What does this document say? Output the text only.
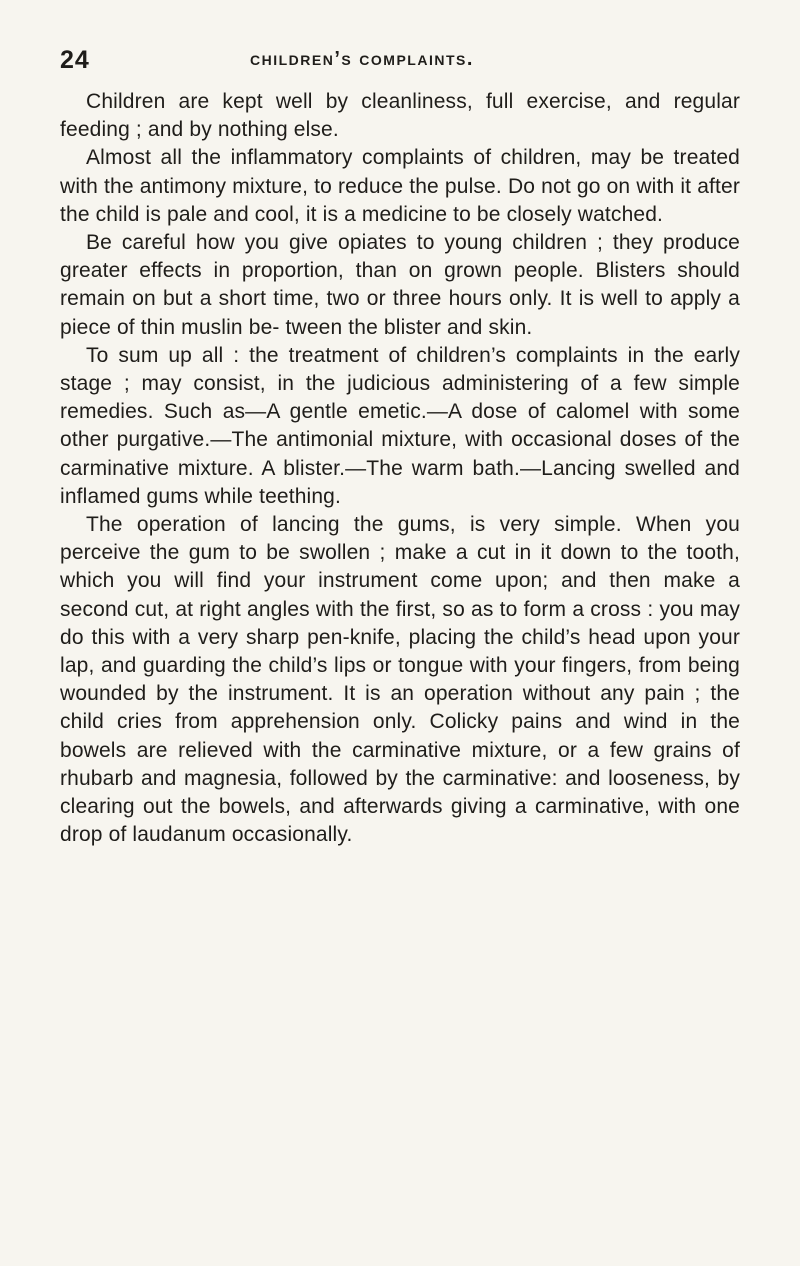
24	children’s complaints.

Children are kept well by cleanliness, full exercise, and regular feeding ; and by nothing else.

Almost all the inflammatory complaints of children, may be treated with the antimony mixture, to reduce the pulse. Do not go on with it after the child is pale and cool, it is a medicine to be closely watched.

Be careful how you give opiates to young children ; they produce greater effects in proportion, than on grown people. Blisters should remain on but a short time, two or three hours only. It is well to apply a piece of thin muslin be- tween the blister and skin.

To sum up all : the treatment of children’s complaints in the early stage ; may consist, in the judicious administering of a few simple remedies. Such as—A gentle emetic.—A dose of calomel with some other purgative.—The antimonial mixture, with occasional doses of the carminative mixture. A blister.—The warm bath.—Lancing swelled and inflamed gums while teething.

The operation of lancing the gums, is very simple. When you perceive the gum to be swollen ; make a cut in it down to the tooth, which you will find your instrument come upon; and then make a second cut, at right angles with the first, so as to form a cross : you may do this with a very sharp pen-knife, placing the child’s head upon your lap, and guarding the child’s lips or tongue with your fingers, from being wounded by the instrument. It is an operation without any pain ; the child cries from apprehension only. Colicky pains and wind in the bowels are relieved with the carminative mixture, or a few grains of rhubarb and magnesia, followed by the carminative: and looseness, by clearing out the bowels, and afterwards giving a carminative, with one drop of laudanum occasionally.
